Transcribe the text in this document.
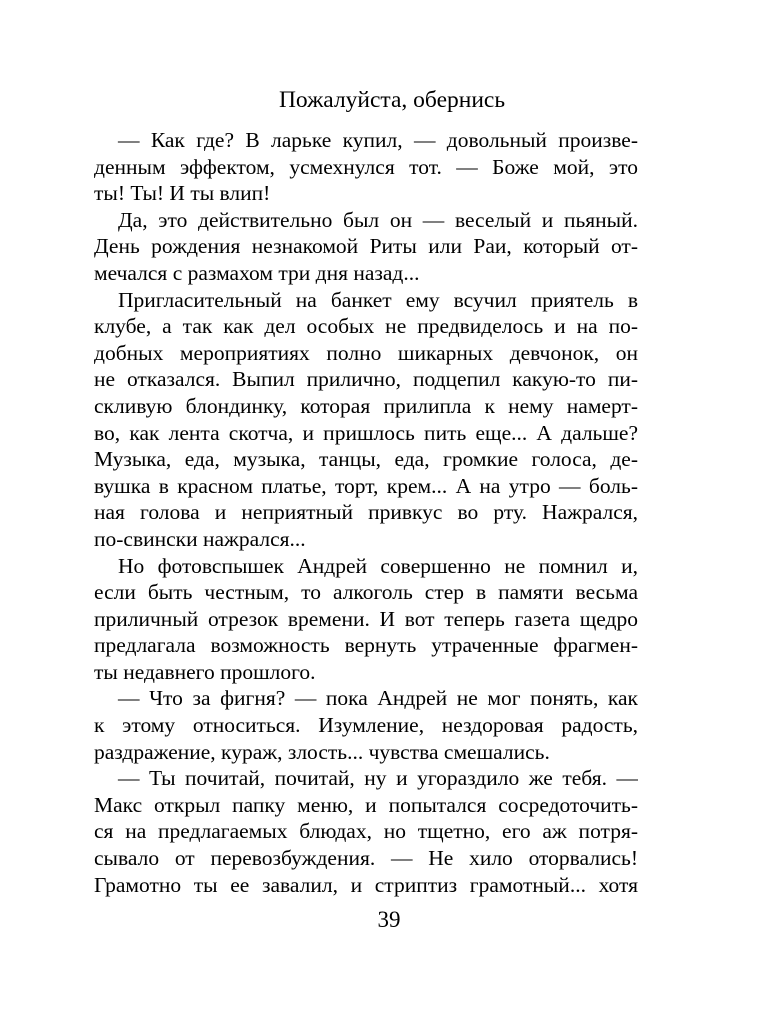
Пожалуйста, обернись
— Как где? В ларьке купил, — довольный произве-
денным эффектом, усмехнулся тот. — Боже мой, это
ты! Ты! И ты влип!
Да, это действительно был он — веселый и пьяный.
День рождения незнакомой Риты или Раи, который от-
мечался с размахом три дня назад...
Пригласительный на банкет ему всучил приятель в
клубе, а так как дел особых не предвиделось и на по-
добных мероприятиях полно шикарных девчонок, он
не отказался. Выпил прилично, подцепил какую-то пи-
скливую блондинку, которая прилипла к нему намерт-
во, как лента скотча, и пришлось пить еще... А дальше?
Музыка, еда, музыка, танцы, еда, громкие голоса, де-
вушка в красном платье, торт, крем... А на утро — боль-
ная голова и неприятный привкус во рту. Нажрался,
по-свински нажрался...
Но фотовспышек Андрей совершенно не помнил и,
если быть честным, то алкоголь стер в памяти весьма
приличный отрезок времени. И вот теперь газета щедро
предлагала возможность вернуть утраченные фрагмен-
ты недавнего прошлого.
— Что за фигня? — пока Андрей не мог понять, как
к этому относиться. Изумление, нездоровая радость,
раздражение, кураж, злость... чувства смешались.
— Ты почитай, почитай, ну и угораздило же тебя. —
Макс открыл папку меню, и попытался сосредоточить-
ся на предлагаемых блюдах, но тщетно, его аж потря-
сывало от перевозбуждения. — Не хило оторвались!
Грамотно ты ее завалил, и стриптиз грамотный... хотя
39
